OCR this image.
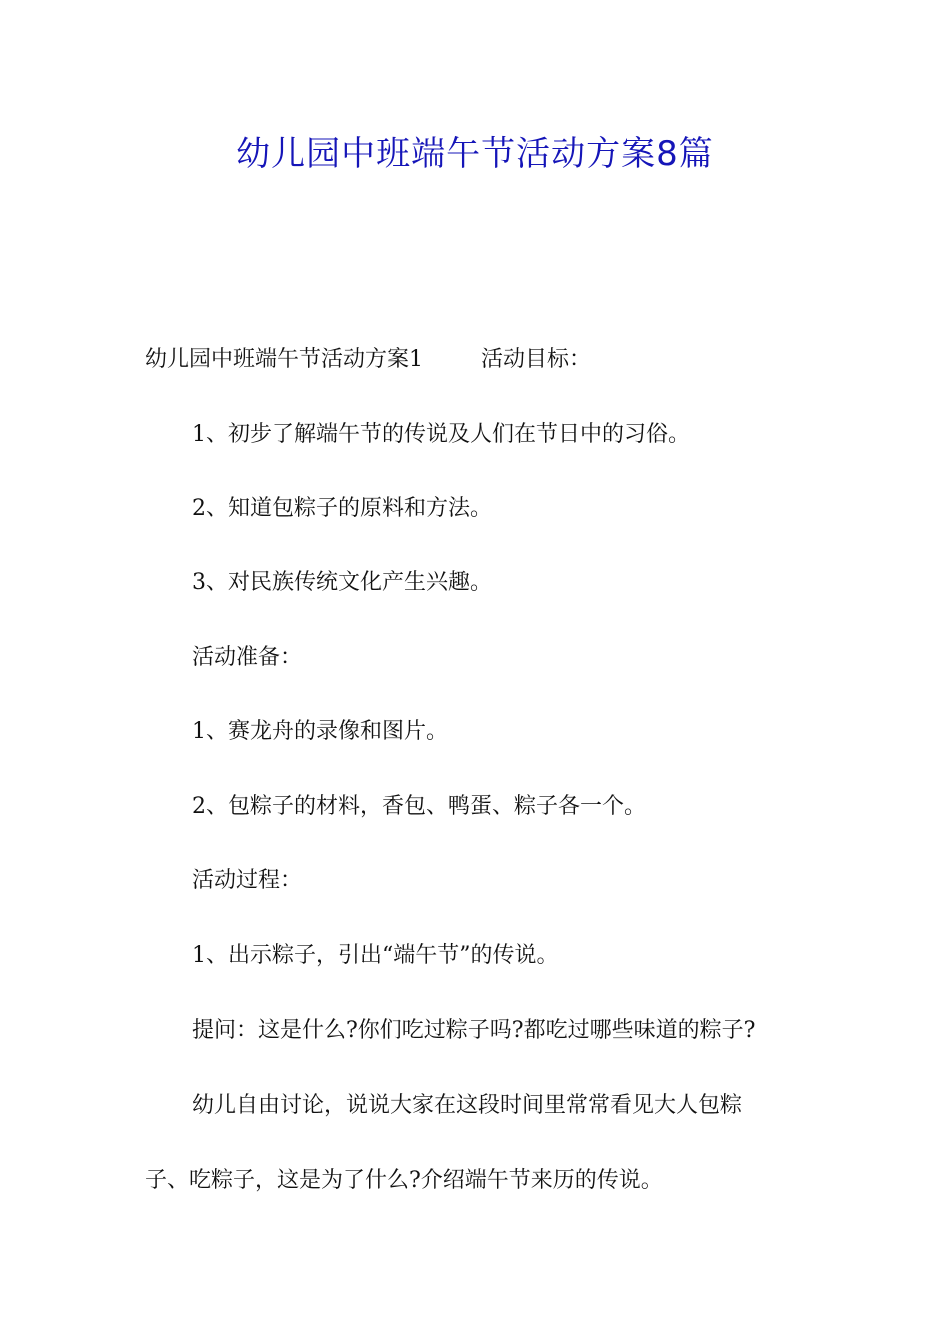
幼儿园中班端午节活动方案8篇
幼儿园中班端午节活动方案1	活动目标：
1、初步了解端午节的传说及人们在节日中的习俗。
2、知道包粽子的原料和方法。
3、对民族传统文化产生兴趣。
活动准备：
1、赛龙舟的录像和图片。
2、包粽子的材料，香包、鸭蛋、粽子各一个。
活动过程：
1、出示粽子，引出“端午节”的传说。
提问：这是什么?你们吃过粽子吗?都吃过哪些味道的粽子?
幼儿自由讨论，说说大家在这段时间里常常看见大人包粽
子、吃粽子，这是为了什么?介绍端午节来历的传说。
